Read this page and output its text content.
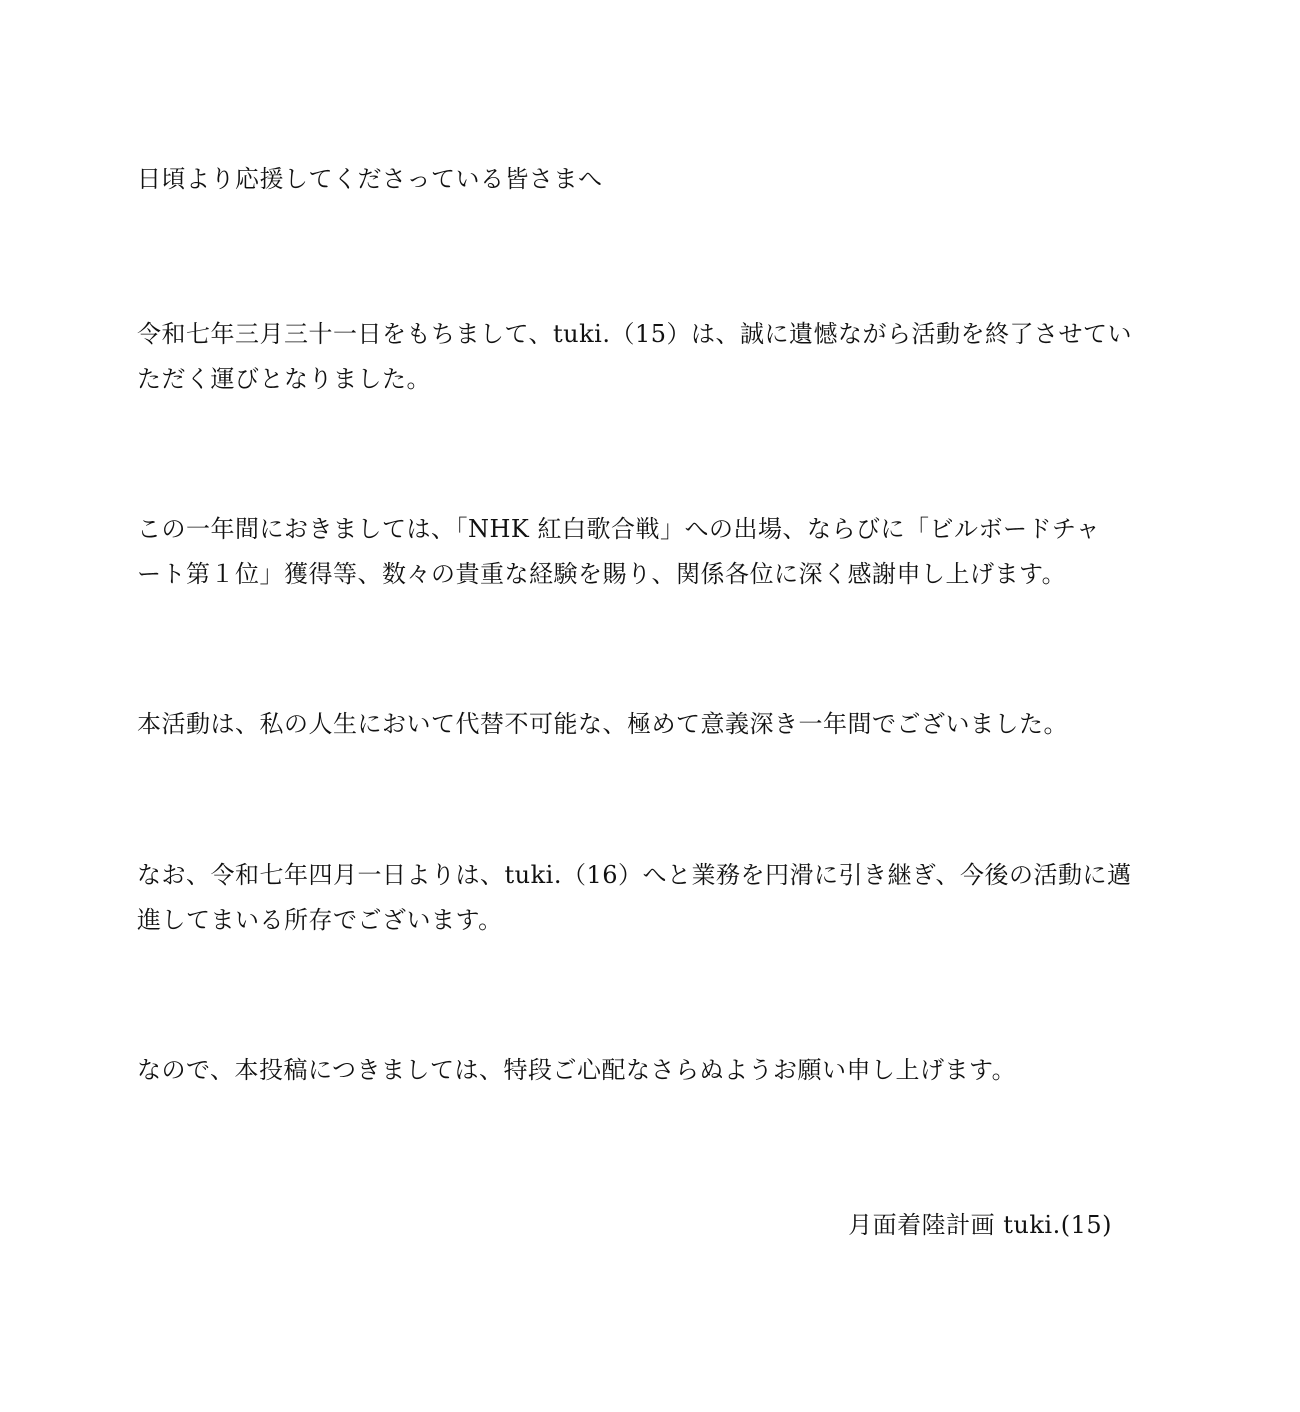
日頃より応援してくださっている皆さまへ

令和七年三月三十一日をもちまして、tuki.（15）は、誠に遺憾ながら活動を終了させてい
ただく運びとなりました。

この一年間におきましては、「NHK 紅白歌合戦」への出場、ならびに「ビルボードチャ
ート第１位」獲得等、数々の貴重な経験を賜り、関係各位に深く感謝申し上げます。

本活動は、私の人生において代替不可能な、極めて意義深き一年間でございました。

なお、令和七年四月一日よりは、tuki.（16）へと業務を円滑に引き継ぎ、今後の活動に邁
進してまいる所存でございます。

なので、本投稿につきましては、特段ご心配なさらぬようお願い申し上げます。

月面着陸計画 tuki.(15)
